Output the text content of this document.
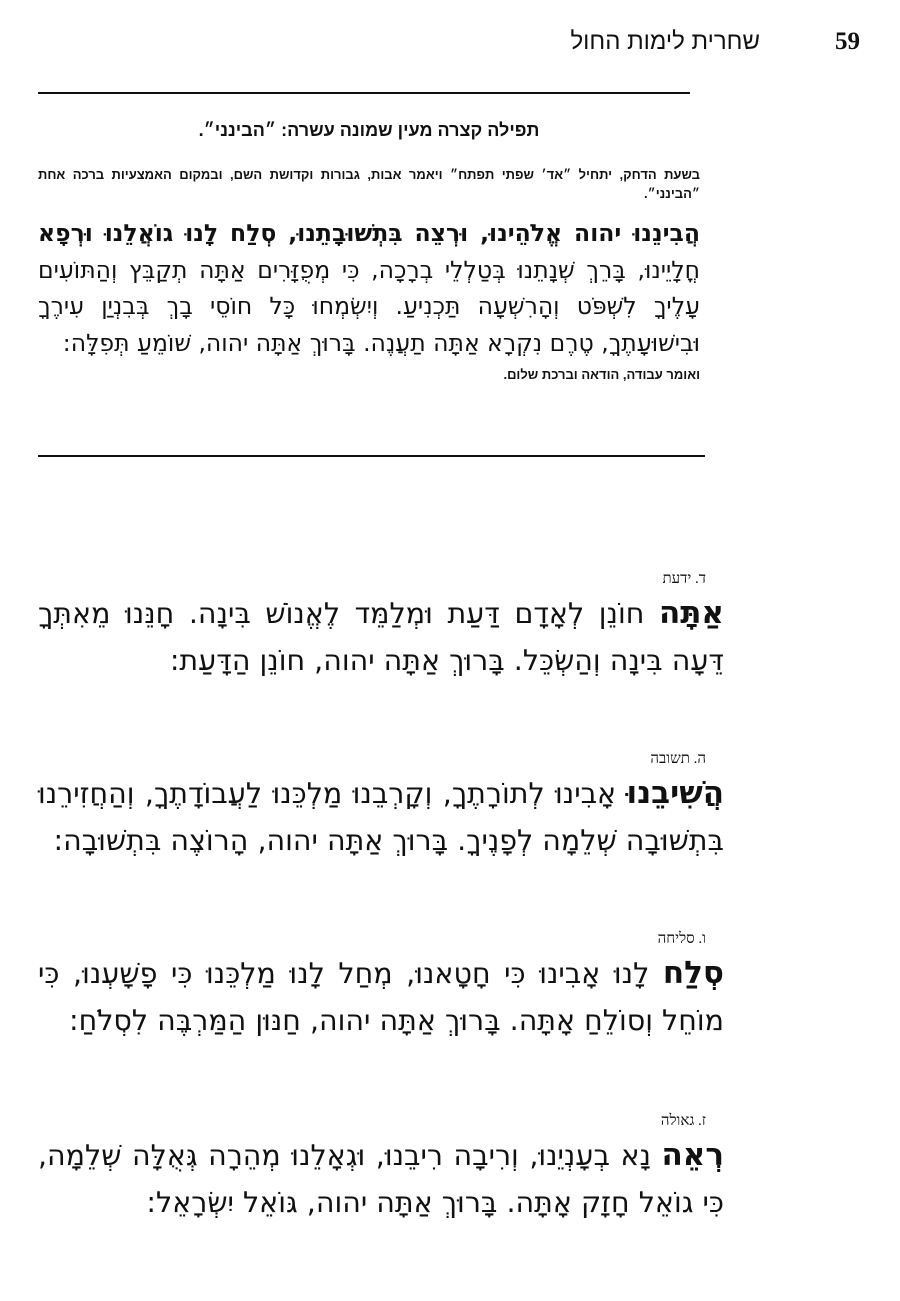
שחרית לימות החול	59
תפילה קצרה מעין שמונה עשרה: ״הבינני״.

בשעת הדחק, יתחיל ״אד׳ שפתי תפתח״ ויאמר אבות, גבורות וקדושת השם, ובמקום האמצעיות ברכה אחת ״הבינני״.

הֲבִינֵנוּ יהוה אֱלֹהֵינוּ, וּרְצֵה בִּתְשׁוּבָתֵנוּ, סְלַח לָנוּ גוֹאֲלֵנוּ וּרְפָא חֳלָיֵינוּ, בָּרֵךְ שְׁנָתֵנוּ בְּטַלְלֵי בְרָכָה, כִּי מְפֻזָּרִים אַתָּה תְקַבֵּץ וְהַתּוֹעִים עָלֶיךָ לִשְׁפֹּט וְהָרִשְׁעָה תַּכְנִיעַ. וְיִשְׂמְחוּ כָּל חוֹסֵי בָךְ בְּבִנְיַן עִירֶךָ וּבִישׁוּעָתֶךָ, טֶרֶם נִקְרָא אַתָּה תַעֲנֶה. בָּרוּךְ אַתָּה יהוה, שׁוֹמֵעַ תְּפִלָּה:

ואומר עבודה, הודאה וברכת שלום.

ד. ידעת

אַתָּה חוֹנֵן לְאָדָם דַּעַת וּמְלַמֵּד לֶאֱנוֹשׁ בִּינָה. חָנֵּנוּ מֵאִתְּךָ דֵּעָה בִּינָה וְהַשְׂכֵּל. בָּרוּךְ אַתָּה יהוה, חוֹנֵן הַדָּעַת:

ה. תשובה

הֲשִׁיבֵנוּ אָבִינוּ לְתוֹרָתֶךָ, וְקָרְבֵנוּ מַלְכֵּנוּ לַעֲבוֹדָתֶךָ, וְהַחֲזִירֵנוּ בִּתְשׁוּבָה שְׁלֵמָה לְפָנֶיךָ. בָּרוּךְ אַתָּה יהוה, הָרוֹצֶה בִּתְשׁוּבָה:

ו. סליחה

סְלַח לָנוּ אָבִינוּ כִּי חָטָאנוּ, מְחַל לָנוּ מַלְכֵּנוּ כִּי פָשָׁעְנוּ, כִּי מוֹחֵל וְסוֹלֵחַ אָתָּה. בָּרוּךְ אַתָּה יהוה, חַנּוּן הַמַּרְבֶּה לִסְלֹחַ:

ז. גאולה

רְאֵה נָא בְעָנְיֵנוּ, וְרִיבָה רִיבֵנוּ, וּגְאָלֵנוּ מְהֵרָה גְּאֻלָּה שְׁלֵמָה, כִּי גוֹאֵל חָזָק אָתָּה. בָּרוּךְ אַתָּה יהוה, גּוֹאֵל יִשְׂרָאֵל:
